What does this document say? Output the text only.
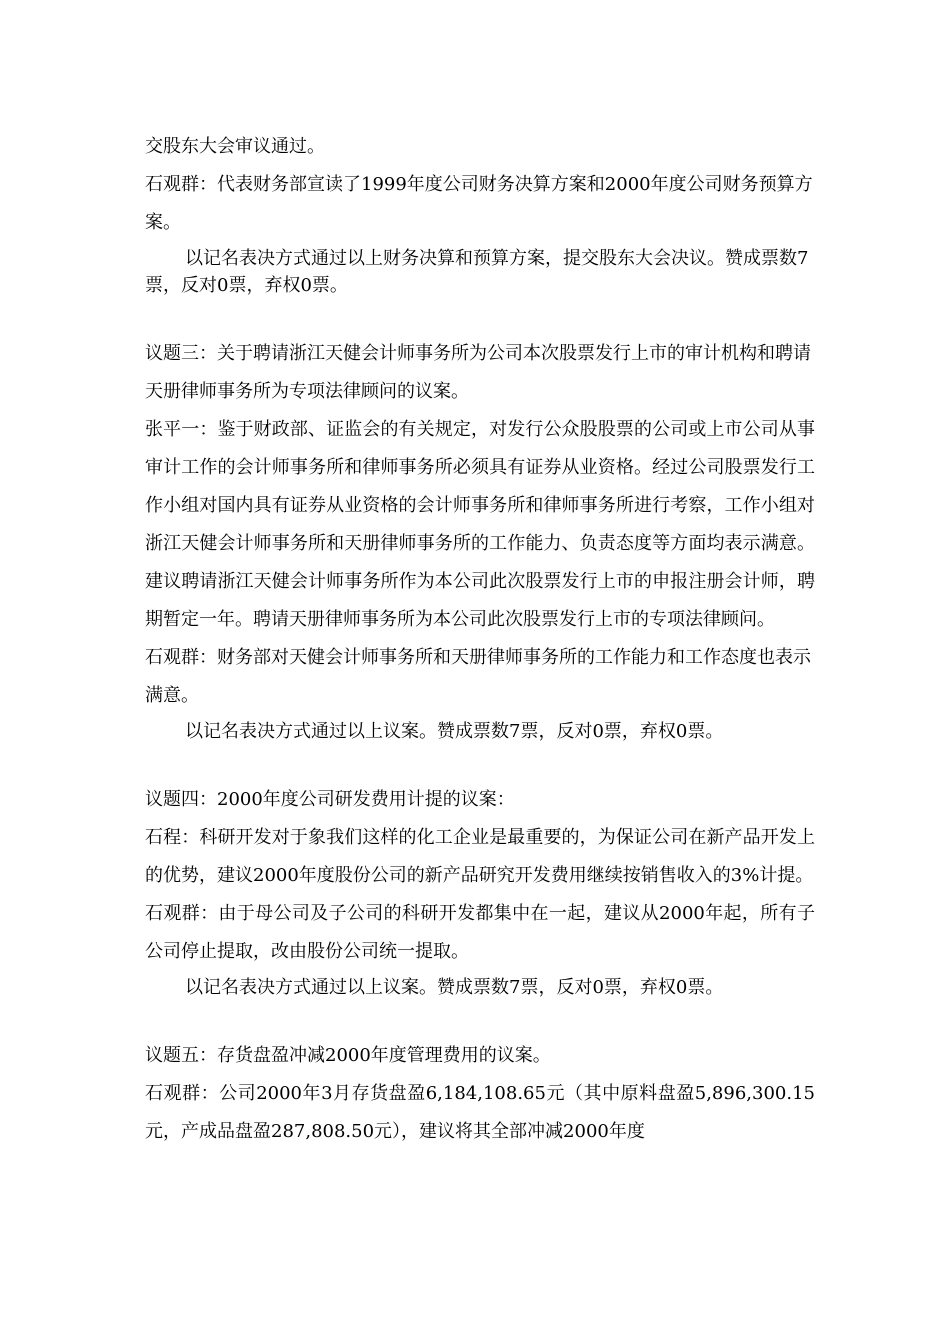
交股东大会审议通过。

石观群：代表财务部宣读了1999年度公司财务决算方案和2000年度公司财务预算方案。

以记名表决方式通过以上财务决算和预算方案，提交股东大会决议。赞成票数7票，反对0票，弃权0票。

议题三：关于聘请浙江天健会计师事务所为公司本次股票发行上市的审计机构和聘请天册律师事务所为专项法律顾问的议案。

张平一：鉴于财政部、证监会的有关规定，对发行公众股股票的公司或上市公司从事审计工作的会计师事务所和律师事务所必须具有证券从业资格。经过公司股票发行工作小组对国内具有证券从业资格的会计师事务所和律师事务所进行考察，工作小组对浙江天健会计师事务所和天册律师事务所的工作能力、负责态度等方面均表示满意。建议聘请浙江天健会计师事务所作为本公司此次股票发行上市的申报注册会计师，聘期暂定一年。聘请天册律师事务所为本公司此次股票发行上市的专项法律顾问。

石观群：财务部对天健会计师事务所和天册律师事务所的工作能力和工作态度也表示满意。

以记名表决方式通过以上议案。赞成票数7票，反对0票，弃权0票。

议题四：2000年度公司研发费用计提的议案：

石程：科研开发对于象我们这样的化工企业是最重要的，为保证公司在新产品开发上的优势，建议2000年度股份公司的新产品研究开发费用继续按销售收入的3%计提。

石观群：由于母公司及子公司的科研开发都集中在一起，建议从2000年起，所有子公司停止提取，改由股份公司统一提取。

以记名表决方式通过以上议案。赞成票数7票，反对0票，弃权0票。

议题五：存货盘盈冲减2000年度管理费用的议案。

石观群：公司2000年3月存货盘盈6,184,108.65元（其中原料盘盈5,896,300.15元，产成品盘盈287,808.50元），建议将其全部冲减2000年度
